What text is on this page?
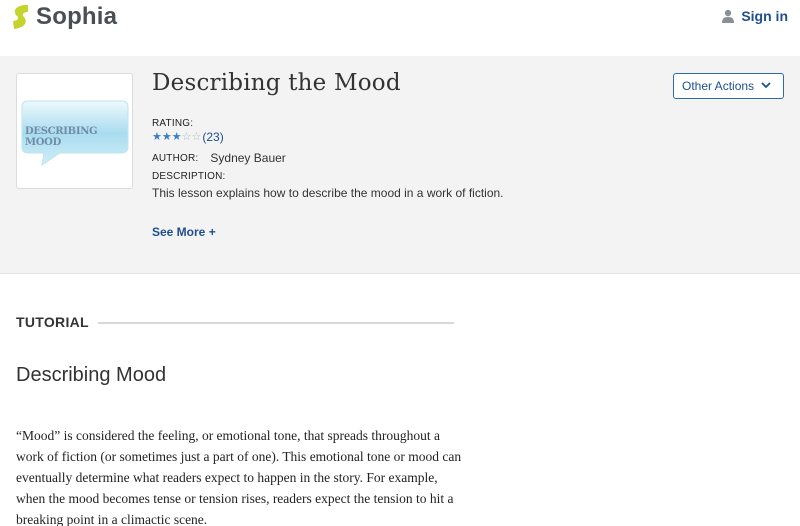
Sophia	Sign in
DESCRIBING MOOD
Describing the Mood	Other Actions
RATING:
★ ★ ★ ☆ ☆ (23)
AUTHOR: Sydney Bauer
DESCRIPTION:
This lesson explains how to describe the mood in a work of fiction.
See More +
TUTORIAL
Describing Mood
“Mood” is considered the feeling, or emotional tone, that spreads throughout a work of fiction (or sometimes just a part of one). This emotional tone or mood can eventually determine what readers expect to happen in the story. For example, when the mood becomes tense or tension rises, readers expect the tension to hit a breaking point in a climactic scene.
